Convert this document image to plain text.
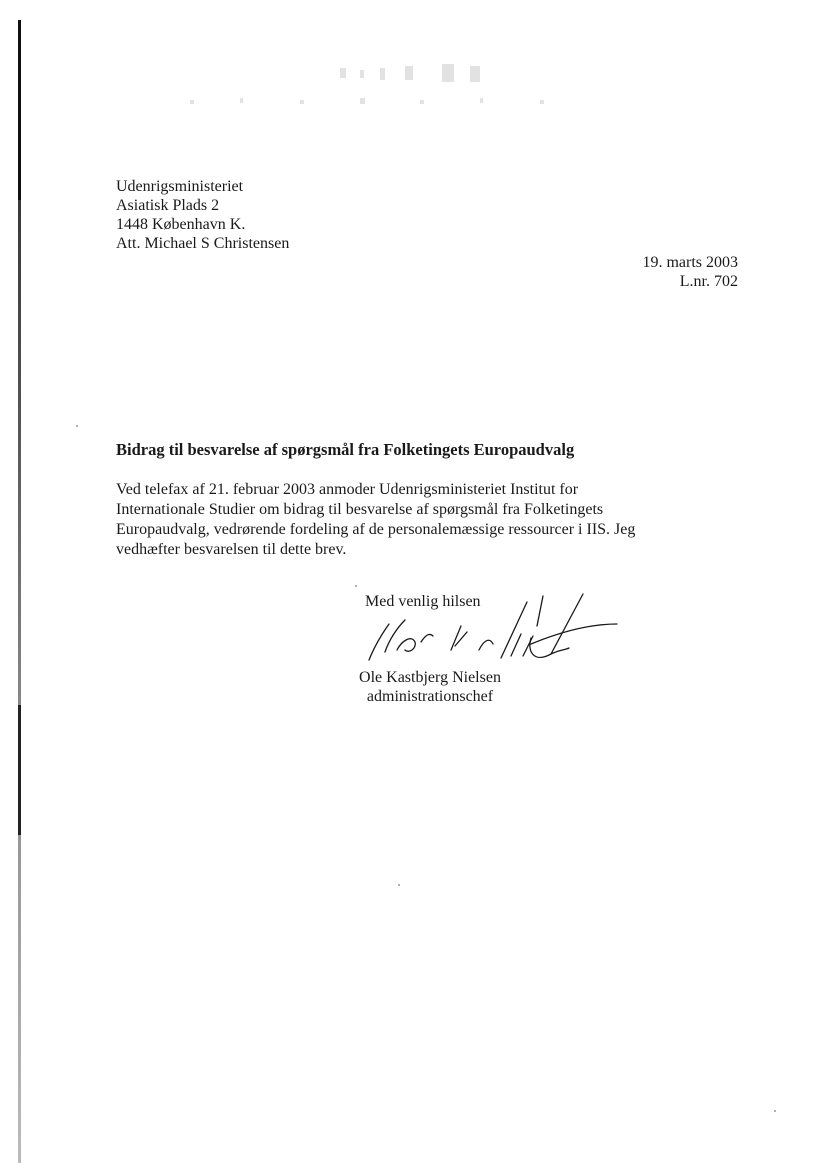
Udenrigsministeriet
Asiatisk Plads 2
1448 København K.
Att. Michael S Christensen
19. marts 2003
L.nr. 702
Bidrag til besvarelse af spørgsmål fra Folketingets Europaudvalg
Ved telefax af 21. februar 2003 anmoder Udenrigsministeriet Institut for
Internationale Studier om bidrag til besvarelse af spørgsmål fra Folketingets
Europaudvalg, vedrørende fordeling af de personalemæssige ressourcer i IIS. Jeg
vedhæfter besvarelsen til dette brev.
Med venlig hilsen
Ole Kastbjerg Nielsen
administrationschef
